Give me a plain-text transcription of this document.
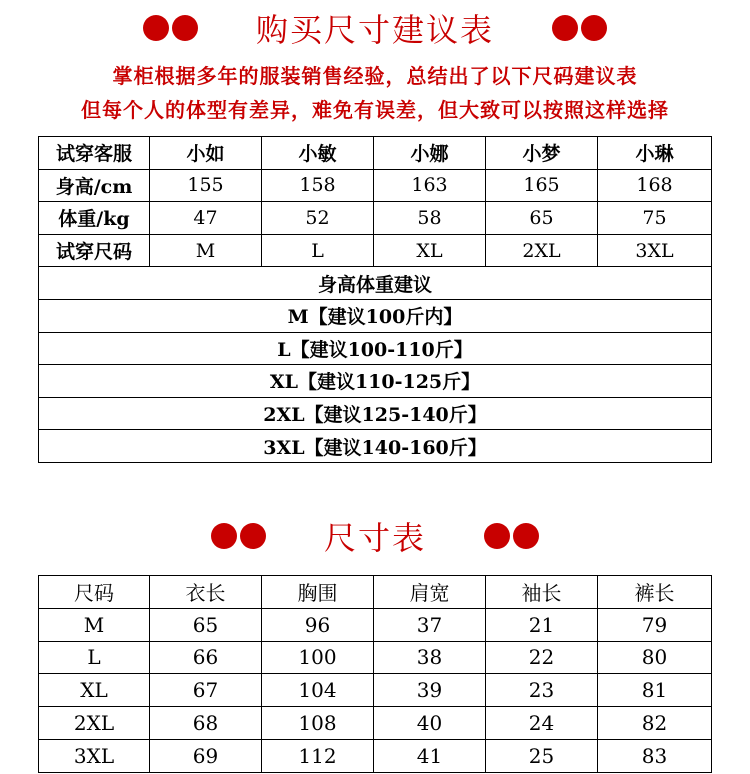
购买尺寸建议表
掌柜根据多年的服装销售经验，总结出了以下尺码建议表
但每个人的体型有差异，难免有误差，但大致可以按照这样选择
试穿客服	小如	小敏	小娜	小梦	小琳
身高/cm	155	158	163	165	168
体重/kg	47	52	58	65	75
试穿尺码	M	L	XL	2XL	3XL
身高体重建议					
M【建议100斤内】					
L【建议100-110斤】					
XL【建议110-125斤】					
2XL【建议125-140斤】					
3XL【建议140-160斤】					
尺寸表
尺码	衣长	胸围	肩宽	袖长	裤长
M	65	96	37	21	79
L	66	100	38	22	80
XL	67	104	39	23	81
2XL	68	108	40	24	82
3XL	69	112	41	25	83
